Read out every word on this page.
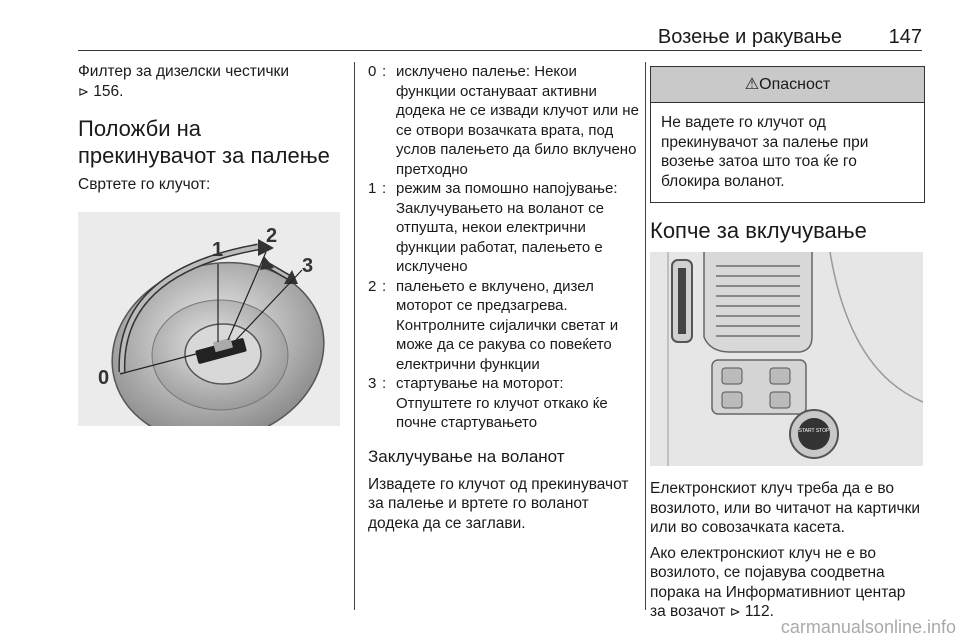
Возење и ракување 147

Филтер за дизелски честички

⊳ 156.

Положби на прекинувачот за палење

Свртете го клучот:

1
2
3
0
0 : исклучено палење: Некои функции остануваат активни додека не се извади клучот или не се отвори возачката врата, под услов палењето да било вклучено претходно
1 : режим за помошно напојување: Заклучувањето на воланот се отпушта, некои електрични функции работат, палењето е исклучено
2 : палењето е вклучено, дизел моторот се предзагрева. Контролните сијалички светат и може да се ракува со повеќето електрични функции
3 : стартување на моторот: Отпуштете го клучот откако ќе почне стартувањето
Заклучување на воланот

Извадете го клучот од прекинувачот за палење и вртете го воланот додека да се заглави.

⚠Опасност
Не вадете го клучот од прекинувачот за палење при возење затоа што тоа ќе го блокира воланот.
Копче за вклучување
START STOP

Електронскиот клуч треба да е во возилото, или во читачот на картички или во совозачката касета.

Ако електронскиот клуч не е во возилото, се појавува соодветна порака на Информативниот центар за возачот ⊳ 112.

carmanualsonline.info
